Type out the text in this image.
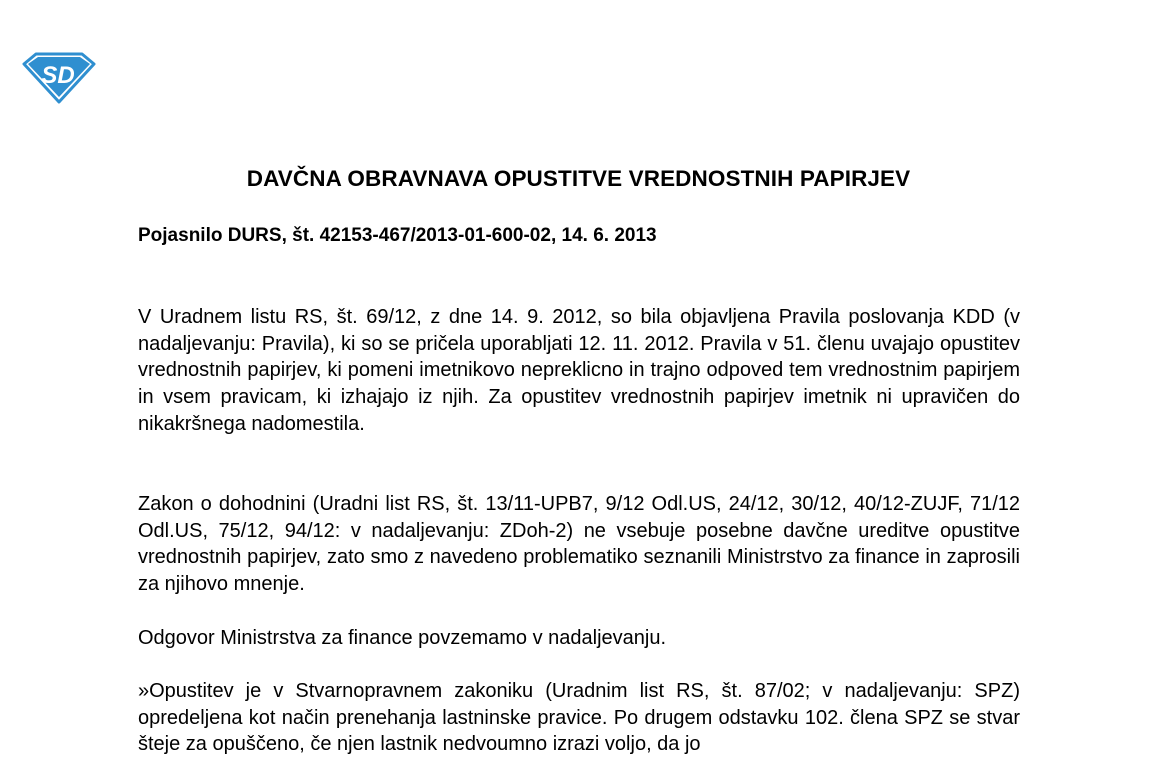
SD
DAVČNA OBRAVNAVA OPUSTITVE VREDNOSTNIH PAPIRJEV

Pojasnilo DURS, št. 42153-467/2013-01-600-02, 14. 6. 2013

V Uradnem listu RS, št. 69/12, z dne 14. 9. 2012, so bila objavljena Pravila poslovanja KDD (v nadaljevanju: Pravila), ki so se pričela uporabljati 12. 11. 2012. Pravila v 51. členu uvajajo opustitev vrednostnih papirjev, ki pomeni imetnikovo nepreklicno in trajno odpoved tem vrednostnim papirjem in vsem pravicam, ki izhajajo iz njih. Za opustitev vrednostnih papirjev imetnik ni upravičen do nikakršnega nadomestila.

Zakon o dohodnini (Uradni list RS, št. 13/11-UPB7, 9/12 Odl.US, 24/12, 30/12, 40/12-ZUJF, 71/12 Odl.US, 75/12, 94/12: v nadaljevanju: ZDoh-2) ne vsebuje posebne davčne ureditve opustitve vrednostnih papirjev, zato smo z navedeno problematiko seznanili Ministrstvo za finance in zaprosili za njihovo mnenje.

Odgovor Ministrstva za finance povzemamo v nadaljevanju.

»Opustitev je v Stvarnopravnem zakoniku (Uradnim list RS, št. 87/02; v nadaljevanju: SPZ) opredeljena kot način prenehanja lastninske pravice. Po drugem odstavku 102. člena SPZ se stvar šteje za opuščeno, če njen lastnik nedvoumno izrazi voljo, da jo
